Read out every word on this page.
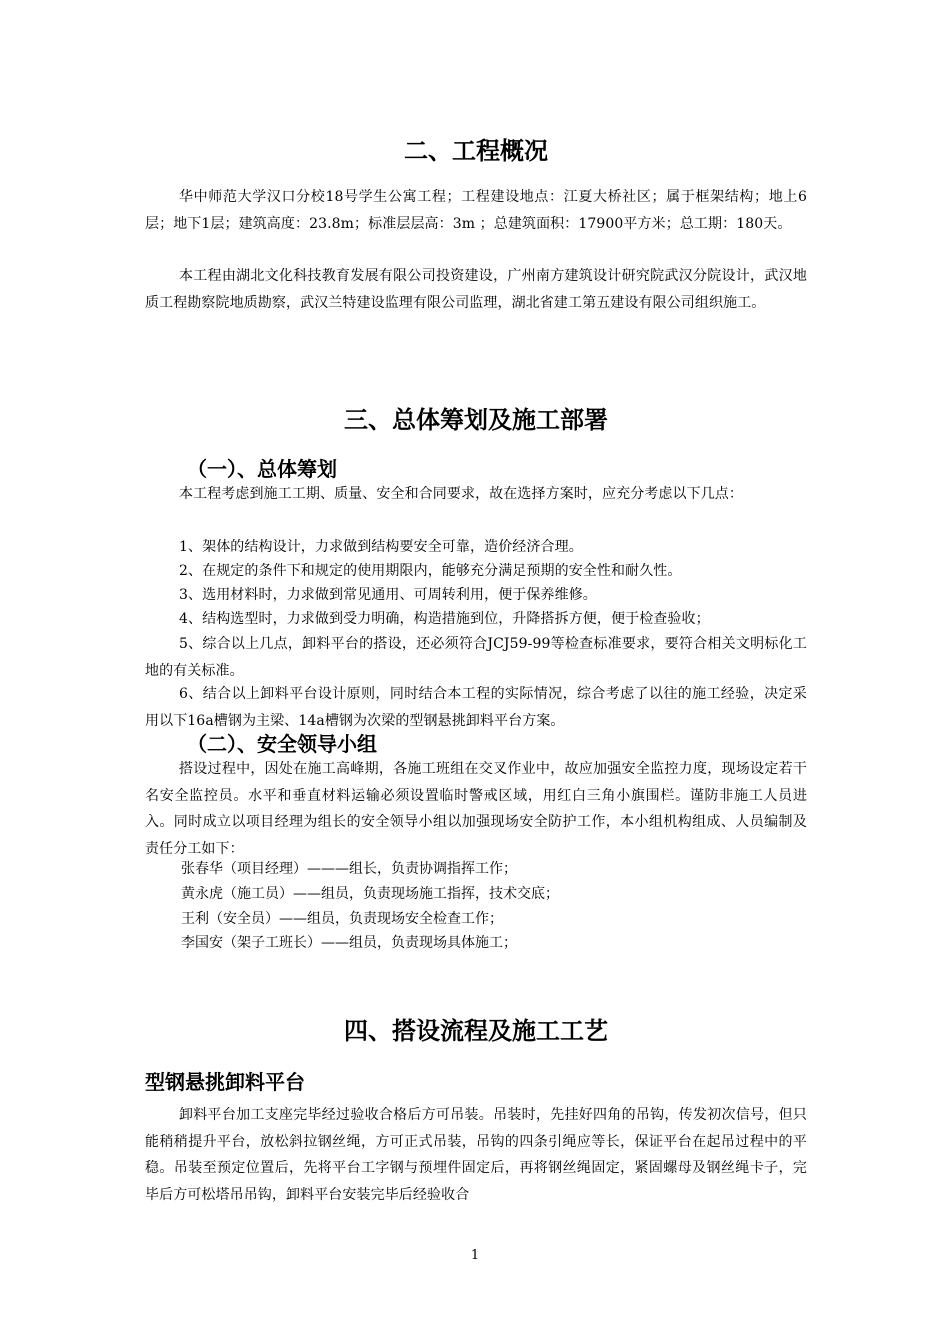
二、工程概况

华中师范大学汉口分校18号学生公寓工程；工程建设地点：江夏大桥社区；属于框架结构；地上6层；地下1层；建筑高度：23.8m；标准层层高：3m ；总建筑面积：17900平方米；总工期：180天。

本工程由湖北文化科技教育发展有限公司投资建设，广州南方建筑设计研究院武汉分院设计，武汉地质工程勘察院地质勘察，武汉兰特建设监理有限公司监理，湖北省建工第五建设有限公司组织施工。

三、总体筹划及施工部署
（一）、总体筹划

本工程考虑到施工工期、质量、安全和合同要求，故在选择方案时，应充分考虑以下几点：

1、架体的结构设计，力求做到结构要安全可靠，造价经济合理。

2、在规定的条件下和规定的使用期限内，能够充分满足预期的安全性和耐久性。

3、选用材料时，力求做到常见通用、可周转利用，便于保养维修。

4、结构选型时，力求做到受力明确，构造措施到位，升降搭拆方便，便于检查验收；

5、综合以上几点，卸料平台的搭设，还必须符合JCJ59-99等检查标准要求，要符合相关文明标化工地的有关标准。

6、结合以上卸料平台设计原则，同时结合本工程的实际情况，综合考虑了以往的施工经验，决定采用以下16a槽钢为主梁、14a槽钢为次梁的型钢悬挑卸料平台方案。

（二）、安全领导小组

搭设过程中，因处在施工高峰期，各施工班组在交叉作业中，故应加强安全监控力度，现场设定若干名安全监控员。水平和垂直材料运输必须设置临时警戒区域，用红白三角小旗围栏。谨防非施工人员进入。同时成立以项目经理为组长的安全领导小组以加强现场安全防护工作，本小组机构组成、人员编制及责任分工如下：

张春华（项目经理）———组长，负责协调指挥工作；

黄永虎（施工员）——组员，负责现场施工指挥，技术交底；

王利（安全员）——组员，负责现场安全检查工作；

李国安（架子工班长）——组员，负责现场具体施工；

四、搭设流程及施工工艺
型钢悬挑卸料平台

卸料平台加工支座完毕经过验收合格后方可吊装。吊装时，先挂好四角的吊钩，传发初次信号，但只能稍稍提升平台，放松斜拉钢丝绳，方可正式吊装，吊钩的四条引绳应等长，保证平台在起吊过程中的平稳。吊装至预定位置后，先将平台工字钢与预埋件固定后，再将钢丝绳固定，紧固螺母及钢丝绳卡子，完毕后方可松塔吊吊钩，卸料平台安装完毕后经验收合

1
